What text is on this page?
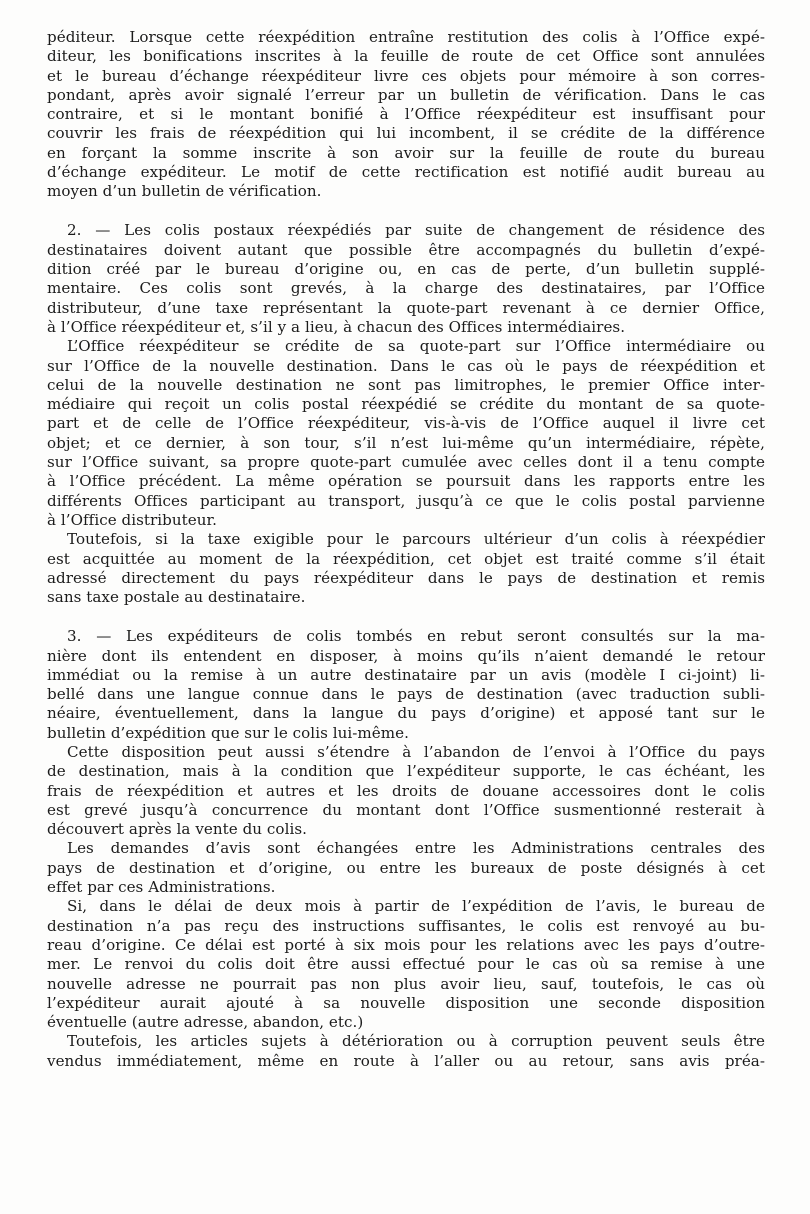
péditeur. Lorsque cette réexpédition entraîne restitution des colis à l’Office expé-
diteur, les bonifications inscrites à la feuille de route de cet Office sont annulées
et le bureau d’échange réexpéditeur livre ces objets pour mémoire à son corres-
pondant, après avoir signalé l’erreur par un bulletin de vérification. Dans le cas
contraire, et si le montant bonifié à l’Office réexpéditeur est insuffisant pour
couvrir les frais de réexpédition qui lui incombent, il se crédite de la différence
en forçant la somme inscrite à son avoir sur la feuille de route du bureau
d’échange expéditeur. Le motif de cette rectification est notifié audit bureau au
moyen d’un bulletin de vérification.
2. — Les colis postaux réexpédiés par suite de changement de résidence des
destinataires doivent autant que possible être accompagnés du bulletin d’expé-
dition créé par le bureau d’origine ou, en cas de perte, d’un bulletin supplé-
mentaire. Ces colis sont grevés, à la charge des destinataires, par l’Office
distributeur, d’une taxe représentant la quote-part revenant à ce dernier Office,
à l’Office réexpéditeur et, s’il y a lieu, à chacun des Offices intermédiaires.
L’Office réexpéditeur se crédite de sa quote-part sur l’Office intermédiaire ou
sur l’Office de la nouvelle destination. Dans le cas où le pays de réexpédition et
celui de la nouvelle destination ne sont pas limitrophes, le premier Office inter-
médiaire qui reçoit un colis postal réexpédié se crédite du montant de sa quote-
part et de celle de l’Office réexpéditeur, vis-à-vis de l’Office auquel il livre cet
objet; et ce dernier, à son tour, s’il n’est lui-même qu’un intermédiaire, répète,
sur l’Office suivant, sa propre quote-part cumulée avec celles dont il a tenu compte
à l’Office précédent. La même opération se poursuit dans les rapports entre les
différents Offices participant au transport, jusqu’à ce que le colis postal parvienne
à l’Office distributeur.
Toutefois, si la taxe exigible pour le parcours ultérieur d’un colis à réexpédier
est acquittée au moment de la réexpédition, cet objet est traité comme s’il était
adressé directement du pays réexpéditeur dans le pays de destination et remis
sans taxe postale au destinataire.
3. — Les expéditeurs de colis tombés en rebut seront consultés sur la ma-
nière dont ils entendent en disposer, à moins qu’ils n’aient demandé le retour
immédiat ou la remise à un autre destinataire par un avis (modèle I ci-joint) li-
bellé dans une langue connue dans le pays de destination (avec traduction subli-
néaire, éventuellement, dans la langue du pays d’origine) et apposé tant sur le
bulletin d’expédition que sur le colis lui-même.
Cette disposition peut aussi s’étendre à l’abandon de l’envoi à l’Office du pays
de destination, mais à la condition que l’expéditeur supporte, le cas échéant, les
frais de réexpédition et autres et les droits de douane accessoires dont le colis
est grevé jusqu’à concurrence du montant dont l’Office susmentionné resterait à
découvert après la vente du colis.
Les demandes d’avis sont échangées entre les Administrations centrales des
pays de destination et d’origine, ou entre les bureaux de poste désignés à cet
effet par ces Administrations.
Si, dans le délai de deux mois à partir de l’expédition de l’avis, le bureau de
destination n’a pas reçu des instructions suffisantes, le colis est renvoyé au bu-
reau d’origine. Ce délai est porté à six mois pour les relations avec les pays d’outre-
mer. Le renvoi du colis doit être aussi effectué pour le cas où sa remise à une
nouvelle adresse ne pourrait pas non plus avoir lieu, sauf, toutefois, le cas où
l’expéditeur aurait ajouté à sa nouvelle disposition une seconde disposition
éventuelle (autre adresse, abandon, etc.)
Toutefois, les articles sujets à détérioration ou à corruption peuvent seuls être
vendus immédiatement, même en route à l’aller ou au retour, sans avis préa-
